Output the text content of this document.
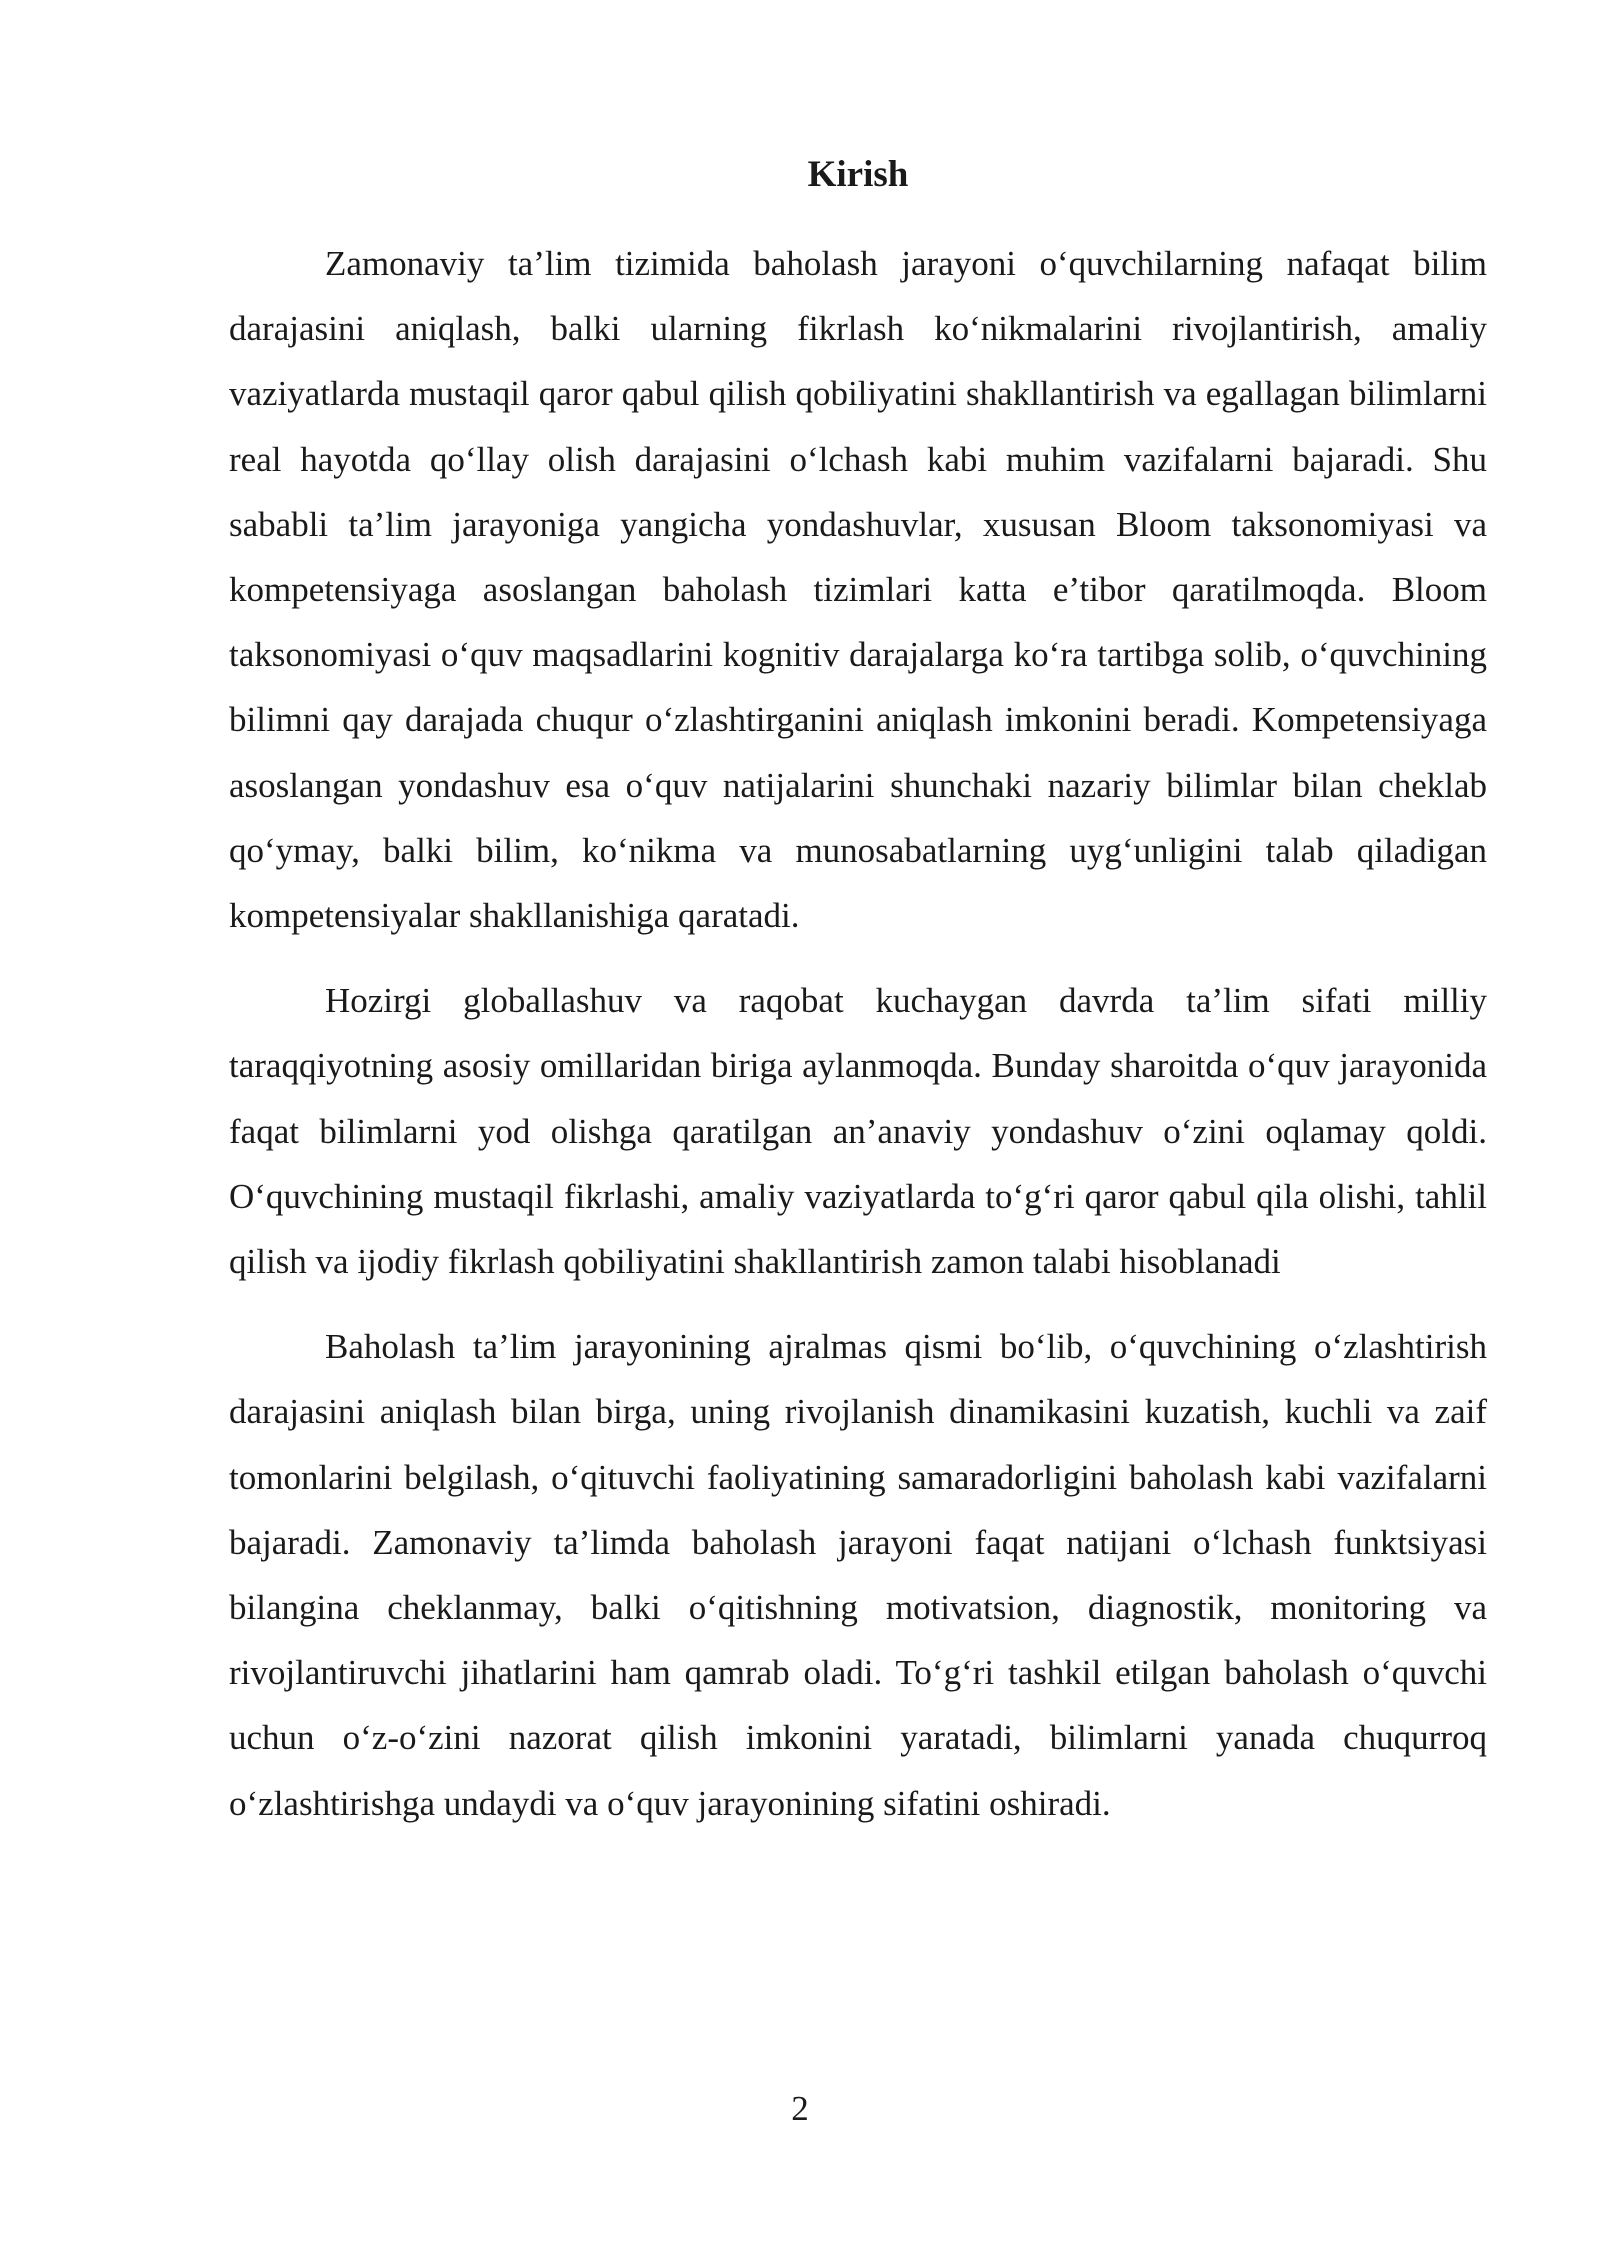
Kirish

Zamonaviy ta’lim tizimida baholash jarayoni o‘quvchilarning nafaqat bilim darajasini aniqlash, balki ularning fikrlash ko‘nikmalarini rivojlantirish, amaliy vaziyatlarda mustaqil qaror qabul qilish qobiliyatini shakllantirish va egallagan bilimlarni real hayotda qo‘llay olish darajasini o‘lchash kabi muhim vazifalarni bajaradi. Shu sababli ta’lim jarayoniga yangicha yondashuvlar, xususan Bloom taksonomiyasi va kompetensiyaga asoslangan baholash tizimlari katta e’tibor qaratilmoqda. Bloom taksonomiyasi o‘quv maqsadlarini kognitiv darajalarga ko‘ra tartibga solib, o‘quvchining bilimni qay darajada chuqur o‘zlashtirganini aniqlash imkonini beradi. Kompetensiyaga asoslangan yondashuv esa o‘quv natijalarini shunchaki nazariy bilimlar bilan cheklab qo‘ymay, balki bilim, ko‘nikma va munosabatlarning uyg‘unligini talab qiladigan kompetensiyalar shakllanishiga qaratadi.

Hozirgi globallashuv va raqobat kuchaygan davrda ta’lim sifati milliy taraqqiyotning asosiy omillaridan biriga aylanmoqda. Bunday sharoitda o‘quv jarayonida faqat bilimlarni yod olishga qaratilgan an’anaviy yondashuv o‘zini oqlamay qoldi. O‘quvchining mustaqil fikrlashi, amaliy vaziyatlarda to‘g‘ri qaror qabul qila olishi, tahlil qilish va ijodiy fikrlash qobiliyatini shakllantirish zamon talabi hisoblanadi

Baholash ta’lim jarayonining ajralmas qismi bo‘lib, o‘quvchining o‘zlashtirish darajasini aniqlash bilan birga, uning rivojlanish dinamikasini kuzatish, kuchli va zaif tomonlarini belgilash, o‘qituvchi faoliyatining samaradorligini baholash kabi vazifalarni bajaradi. Zamonaviy ta’limda baholash jarayoni faqat natijani o‘lchash funktsiyasi bilangina cheklanmay, balki o‘qitishning motivatsion, diagnostik, monitoring va rivojlantiruvchi jihatlarini ham qamrab oladi. To‘g‘ri tashkil etilgan baholash o‘quvchi uchun o‘z-o‘zini nazorat qilish imkonini yaratadi, bilimlarni yanada chuqurroq o‘zlashtirishga undaydi va o‘quv jarayonining sifatini oshiradi.

2
